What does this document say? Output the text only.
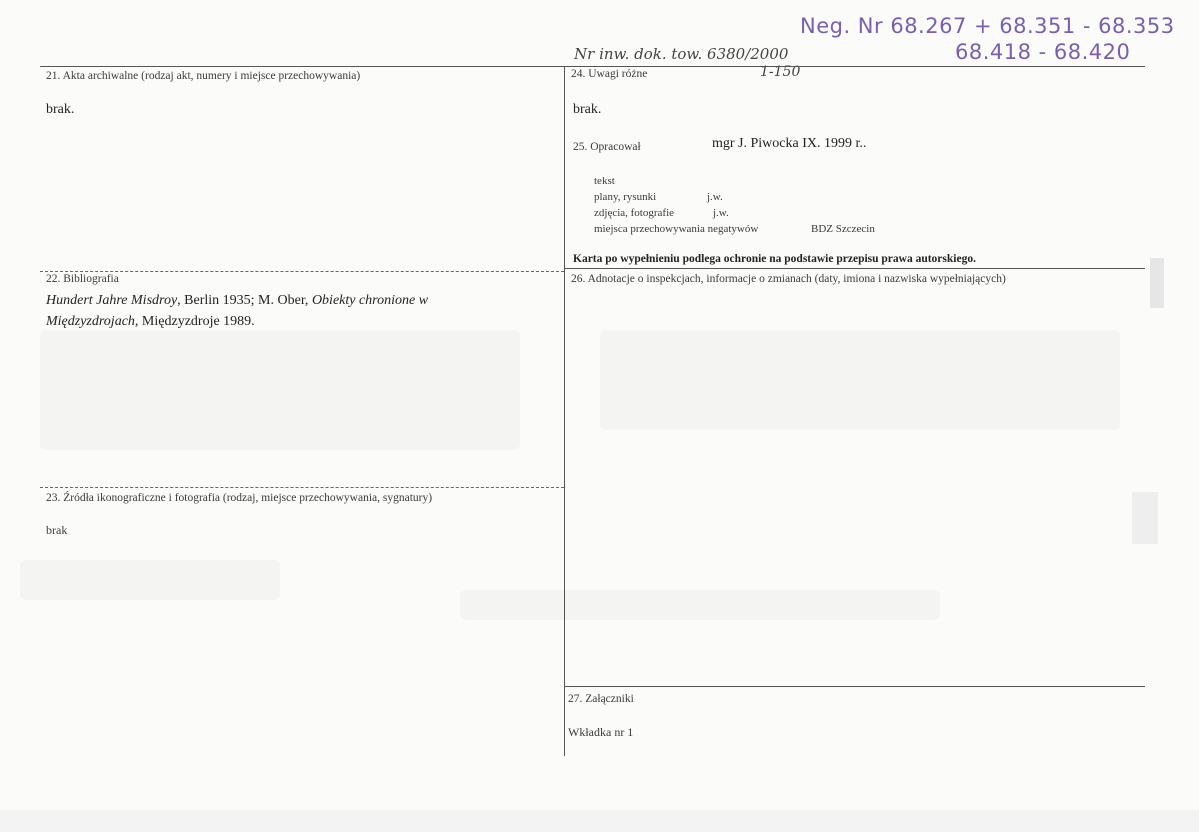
Neg. Nr 68.267 + 68.351 - 68.353
68.418 - 68.420
Nr inw. dok. tow. 6380/2000
1-150
21. Akta archiwalne (rodzaj akt, numery i miejsce przechowywania)
brak.
22. Bibliografia
Hundert Jahre Misdroy, Berlin 1935; M. Ober, Obiekty chronione w
Międzyzdrojach, Międzyzdroje 1989.
23. Źródła ikonograficzne i fotografia (rodzaj, miejsce przechowywania, sygnatury)
brak
24. Uwagi różne
brak.
25. Opracował	mgr J. Piwocka IX. 1999 r..
tekst
plany, rysunki	j.w.
zdjęcia, fotografie	j.w.
miejsca przechowywania negatywów	BDZ Szczecin
Karta po wypełnieniu podlega ochronie na podstawie przepisu prawa autorskiego.
26. Adnotacje o inspekcjach, informacje o zmianach (daty, imiona i nazwiska wypełniających)
27. Załączniki
Wkładka nr 1
